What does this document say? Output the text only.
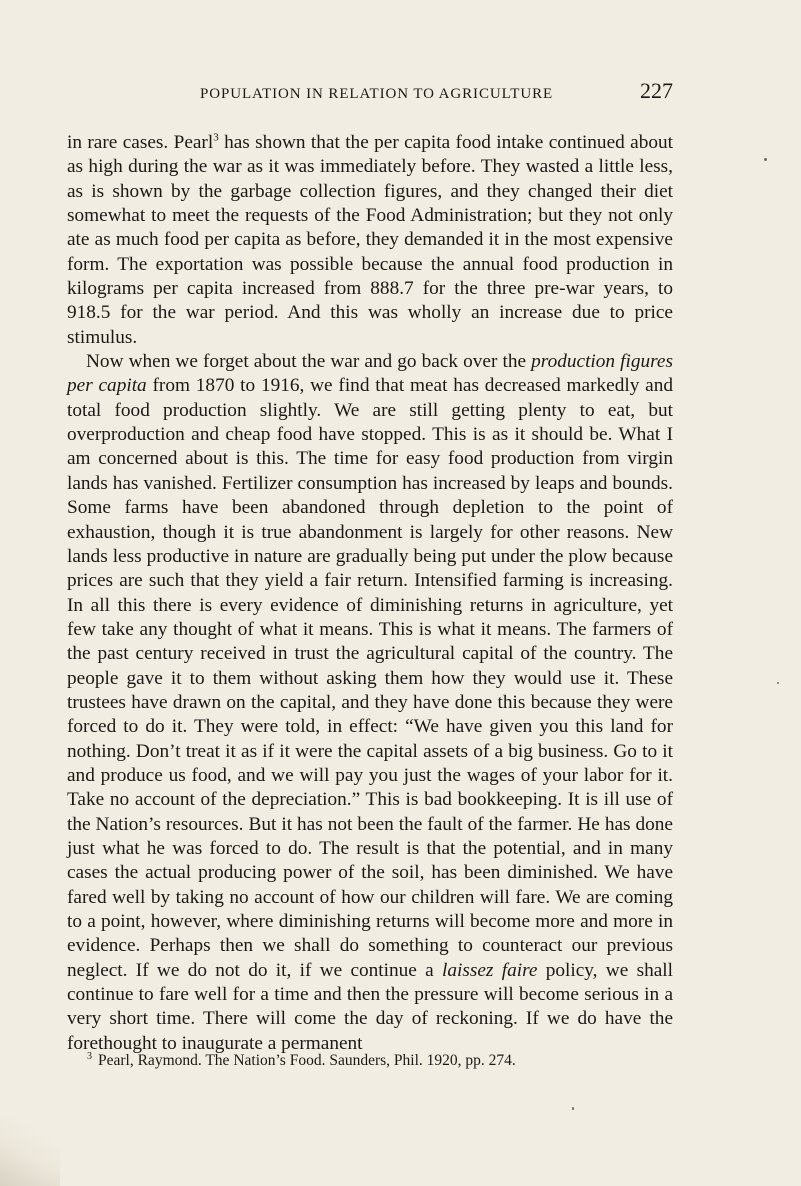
POPULATION IN RELATION TO AGRICULTURE	227

in rare cases. Pearl$^3$ has shown that the per capita food intake continued about as high during the war as it was immediately before. They wasted a little less, as is shown by the garbage collection figures, and they changed their diet somewhat to meet the requests of the Food Administration; but they not only ate as much food per capita as before, they demanded it in the most expensive form. The exportation was possible because the annual food production in kilograms per capita increased from 888.7 for the three pre-war years, to 918.5 for the war period. And this was wholly an increase due to price stimulus.

Now when we forget about the war and go back over the production figures per capita from 1870 to 1916, we find that meat has decreased markedly and total food production slightly. We are still getting plenty to eat, but overproduction and cheap food have stopped. This is as it should be. What I am concerned about is this. The time for easy food production from virgin lands has vanished. Fertilizer consumption has increased by leaps and bounds. Some farms have been abandoned through depletion to the point of exhaustion, though it is true abandonment is largely for other reasons. New lands less productive in nature are gradually being put under the plow because prices are such that they yield a fair return. Intensified farming is increasing. In all this there is every evidence of diminishing returns in agriculture, yet few take any thought of what it means. This is what it means. The farmers of the past century received in trust the agricultural capital of the country. The people gave it to them without asking them how they would use it. These trustees have drawn on the capital, and they have done this because they were forced to do it. They were told, in effect: “We have given you this land for nothing. Don’t treat it as if it were the capital assets of a big business. Go to it and produce us food, and we will pay you just the wages of your labor for it. Take no account of the depreciation.” This is bad bookkeeping. It is ill use of the Nation’s resources. But it has not been the fault of the farmer. He has done just what he was forced to do. The result is that the potential, and in many cases the actual producing power of the soil, has been diminished. We have fared well by taking no account of how our children will fare. We are coming to a point, however, where diminishing returns will become more and more in evidence. Perhaps then we shall do something to counteract our previous neglect. If we do not do it, if we continue a laissez faire policy, we shall continue to fare well for a time and then the pressure will become serious in a very short time. There will come the day of reckoning. If we do have the forethought to inaugurate a permanent

$^3$ Pearl, Raymond. The Nation’s Food. Saunders, Phil. 1920, pp. 274.
